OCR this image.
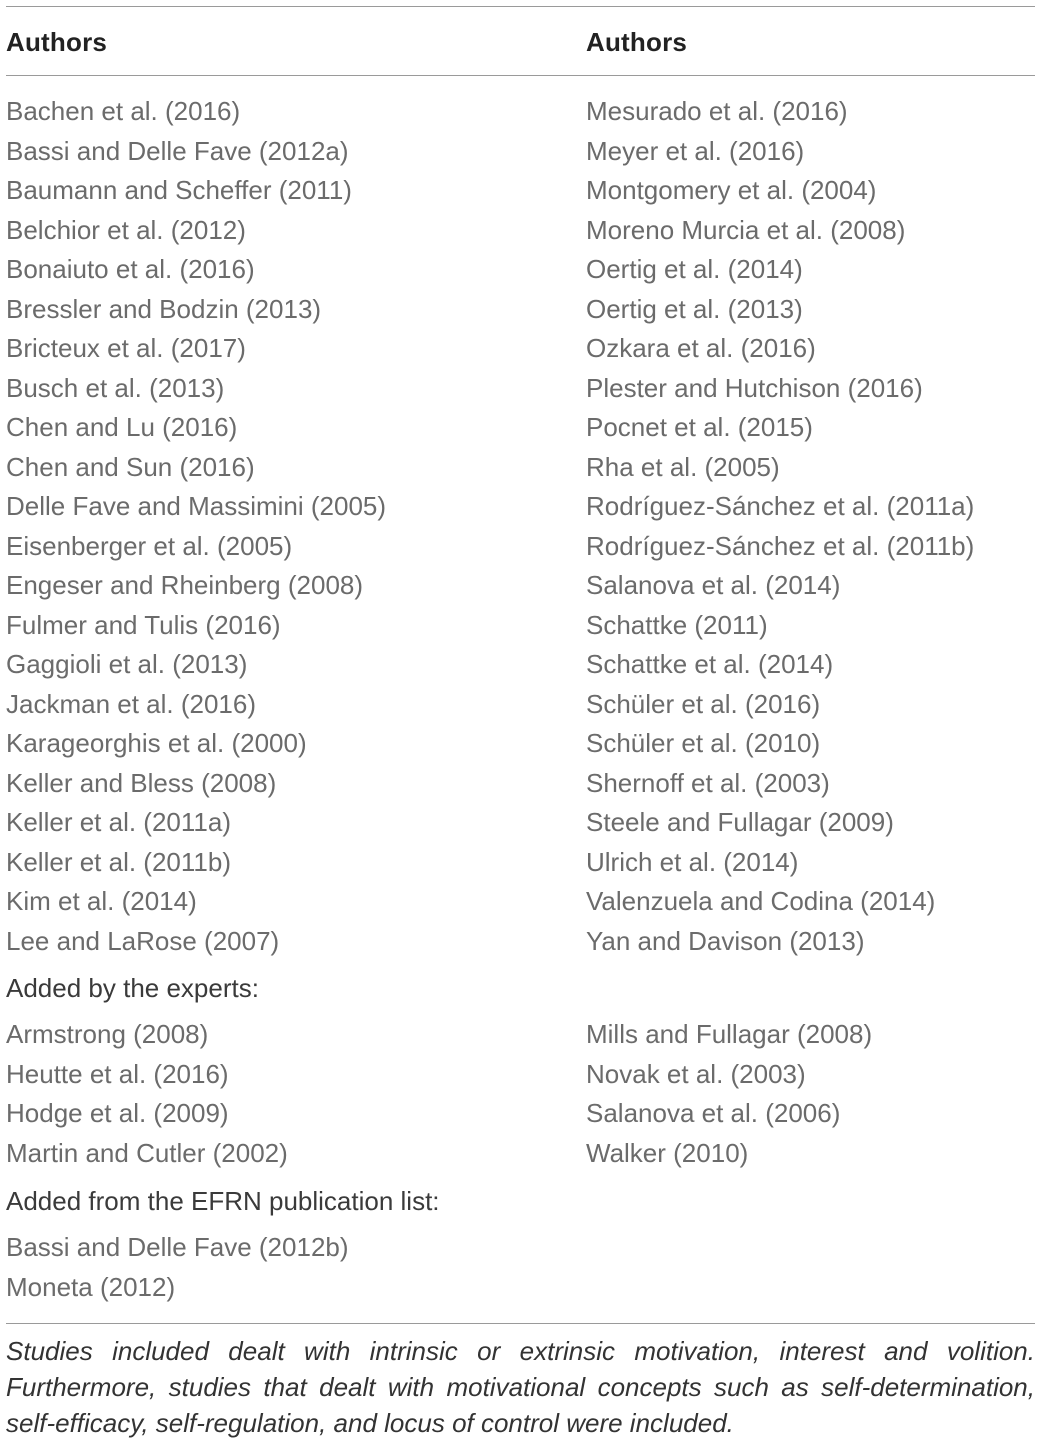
Authors	Authors
Bachen et al. (2016)	Mesurado et al. (2016)
Bassi and Delle Fave (2012a)	Meyer et al. (2016)
Baumann and Scheffer (2011)	Montgomery et al. (2004)
Belchior et al. (2012)	Moreno Murcia et al. (2008)
Bonaiuto et al. (2016)	Oertig et al. (2014)
Bressler and Bodzin (2013)	Oertig et al. (2013)
Bricteux et al. (2017)	Ozkara et al. (2016)
Busch et al. (2013)	Plester and Hutchison (2016)
Chen and Lu (2016)	Pocnet et al. (2015)
Chen and Sun (2016)	Rha et al. (2005)
Delle Fave and Massimini (2005)	Rodríguez-Sánchez et al. (2011a)
Eisenberger et al. (2005)	Rodríguez-Sánchez et al. (2011b)
Engeser and Rheinberg (2008)	Salanova et al. (2014)
Fulmer and Tulis (2016)	Schattke (2011)
Gaggioli et al. (2013)	Schattke et al. (2014)
Jackman et al. (2016)	Schüler et al. (2016)
Karageorghis et al. (2000)	Schüler et al. (2010)
Keller and Bless (2008)	Shernoff et al. (2003)
Keller et al. (2011a)	Steele and Fullagar (2009)
Keller et al. (2011b)	Ulrich et al. (2014)
Kim et al. (2014)	Valenzuela and Codina (2014)
Lee and LaRose (2007)	Yan and Davison (2013)
Added by the experts:
Armstrong (2008)	Mills and Fullagar (2008)
Heutte et al. (2016)	Novak et al. (2003)
Hodge et al. (2009)	Salanova et al. (2006)
Martin and Cutler (2002)	Walker (2010)
Added from the EFRN publication list:
Bassi and Delle Fave (2012b)
Moneta (2012)
Studies included dealt with intrinsic or extrinsic motivation, interest and volition. Furthermore, studies that dealt with motivational concepts such as self-determination, self-efficacy, self-regulation, and locus of control were included.
